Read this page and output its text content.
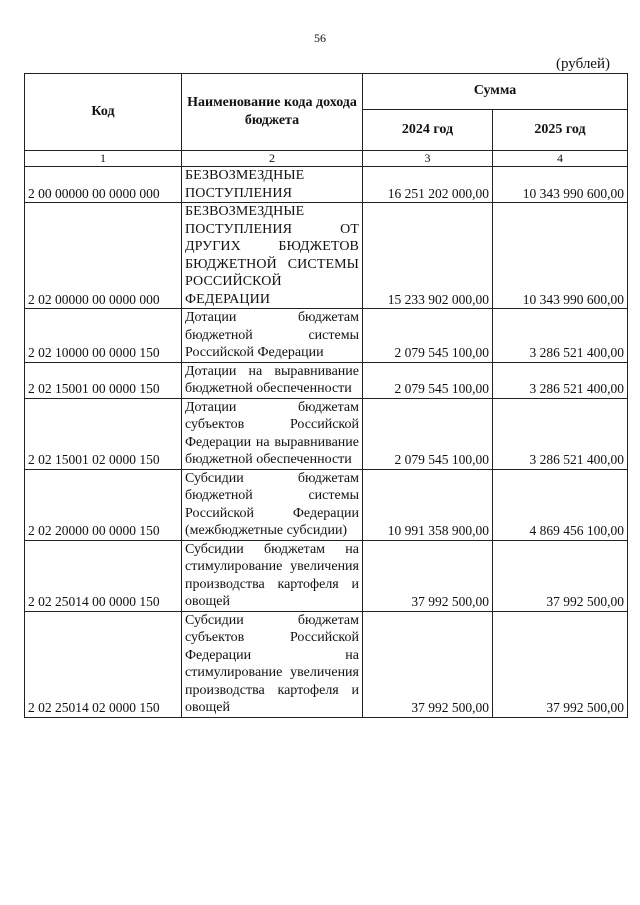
56
(рублей)
Код	Наименование кода дохода бюджета	Сумма	
		2024 год	2025 год
1	2	3	4
2 00 00000 00 0000 000	БЕЗВОЗМЕЗДНЫЕ ПОСТУПЛЕНИЯ	16 251 202 000,00	10 343 990 600,00
2 02 00000 00 0000 000	БЕЗВОЗМЕЗДНЫЕ ПОСТУПЛЕНИЯ ОТ ДРУГИХ БЮДЖЕТОВ БЮДЖЕТНОЙ СИСТЕМЫ РОССИЙСКОЙ ФЕДЕРАЦИИ	15 233 902 000,00	10 343 990 600,00
2 02 10000 00 0000 150	Дотации бюджетам бюджетной системы Российской Федерации	2 079 545 100,00	3 286 521 400,00
2 02 15001 00 0000 150	Дотации на выравнивание бюджетной обеспеченности	2 079 545 100,00	3 286 521 400,00
2 02 15001 02 0000 150	Дотации бюджетам субъектов Российской Федерации на выравнивание бюджетной обеспеченности	2 079 545 100,00	3 286 521 400,00
2 02 20000 00 0000 150	Субсидии бюджетам бюджетной системы Российской Федерации (межбюджетные субсидии)	10 991 358 900,00	4 869 456 100,00
2 02 25014 00 0000 150	Субсидии бюджетам на стимулирование увеличения производства картофеля и овощей	37 992 500,00	37 992 500,00
2 02 25014 02 0000 150	Субсидии бюджетам субъектов Российской Федерации на стимулирование увеличения производства картофеля и овощей	37 992 500,00	37 992 500,00
